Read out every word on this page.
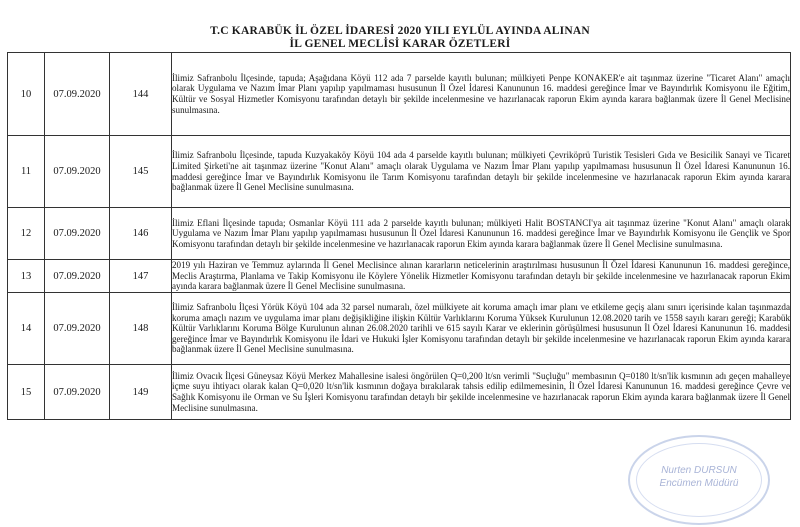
T.C KARABÜK İL ÖZEL İDARESİ 2020 YILI EYLÜL AYINDA ALINAN
İL GENEL MECLİSİ KARAR ÖZETLERİ
10	07.09.2020	144	İlimiz Safranbolu İlçesinde, tapuda; Aşağıdana Köyü 112 ada 7 parselde kayıtlı bulunan; mülkiyeti Penpe KONAKER'e ait taşınmaz üzerine "Ticaret Alanı" amaçlı olarak Uygulama ve Nazım İmar Planı yapılıp yapılmaması hususunun İl Özel İdaresi Kanununun 16. maddesi gereğince İmar ve Bayındırlık Komisyonu ile Eğitim, Kültür ve Sosyal Hizmetler Komisyonu tarafından detaylı bir şekilde incelenmesine ve hazırlanacak raporun Ekim ayında karara bağlanmak üzere İl Genel Meclisine sunulmasına.

11	07.09.2020	145	İlimiz Safranbolu İlçesinde, tapuda Kuzyakaköy Köyü 104 ada 4 parselde kayıtlı bulunan; mülkiyeti Çevriköprü Turistik Tesisleri Gıda ve Besicilik Sanayi ve Ticaret Limited Şirketi'ne ait taşınmaz üzerine "Konut Alanı" amaçlı olarak Uygulama ve Nazım İmar Planı yapılıp yapılmaması hususunun İl Özel İdaresi Kanununun 16. maddesi gereğince İmar ve Bayındırlık Komisyonu ile Tarım Komisyonu tarafından detaylı bir şekilde incelenmesine ve hazırlanacak raporun Ekim ayında karara bağlanmak üzere İl Genel Meclisine sunulmasına.

12	07.09.2020	146	İlimiz Eflani İlçesinde tapuda; Osmanlar Köyü 111 ada 2 parselde kayıtlı bulunan; mülkiyeti Halit BOSTANCI'ya ait taşınmaz üzerine "Konut Alanı" amaçlı olarak Uygulama ve Nazım İmar Planı yapılıp yapılmaması hususunun İl Özel İdaresi Kanununun 16. maddesi gereğince İmar ve Bayındırlık Komisyonu ile Gençlik ve Spor Komisyonu tarafından detaylı bir şekilde incelenmesine ve hazırlanacak raporun Ekim ayında karara bağlanmak üzere İl Genel Meclisine sunulmasına.

13	07.09.2020	147	2019 yılı Haziran ve Temmuz aylarında İl Genel Meclisince alınan kararların neticelerinin araştırılması hususunun İl Özel İdaresi Kanununun 16. maddesi gereğince, Meclis Araştırma, Planlama ve Takip Komisyonu ile Köylere Yönelik Hizmetler Komisyonu tarafından detaylı bir şekilde incelenmesine ve hazırlanacak raporun Ekim ayında karara bağlanmak üzere İl Genel Meclisine sunulmasına.

14	07.09.2020	148	İlimiz Safranbolu İlçesi Yörük Köyü 104 ada 32 parsel numaralı, özel mülkiyete ait koruma amaçlı imar planı ve etkileme geçiş alanı sınırı içerisinde kalan taşınmazda koruma amaçlı nazım ve uygulama imar planı değişikliğine ilişkin Kültür Varlıklarını Koruma Yüksek Kurulunun 12.08.2020 tarih ve 1558 sayılı kararı gereği; Karabük Kültür Varlıklarını Koruma Bölge Kurulunun alınan 26.08.2020 tarihli ve 615 sayılı Karar ve eklerinin görüşülmesi hususunun İl Özel İdaresi Kanununun 16. maddesi gereğince İmar ve Bayındırlık Komisyonu ile İdari ve Hukuki İşler Komisyonu tarafından detaylı bir şekilde incelenmesine ve hazırlanacak raporun Ekim ayında karara bağlanmak üzere İl Genel Meclisine sunulmasına.

15	07.09.2020	149	İlimiz Ovacık İlçesi Güneysaz Köyü Merkez Mahallesine isalesi öngörülen Q=0,200 lt/sn verimli "Suçluğu" membasının Q=0180 lt/sn'lik kısmının adı geçen mahalleye içme suyu ihtiyacı olarak kalan Q=0,020 lt/sn'lik kısmının doğaya bırakılarak tahsis edilip edilmemesinin, İl Özel İdaresi Kanununun 16. maddesi gereğince Çevre ve Sağlık Komisyonu ile Orman ve Su İşleri Komisyonu tarafından detaylı bir şekilde incelenmesine ve hazırlanacak raporun Ekim ayında karara bağlanmak üzere İl Genel Meclisine sunulmasına.
Nurten DURSUN
Encümen Müdürü
